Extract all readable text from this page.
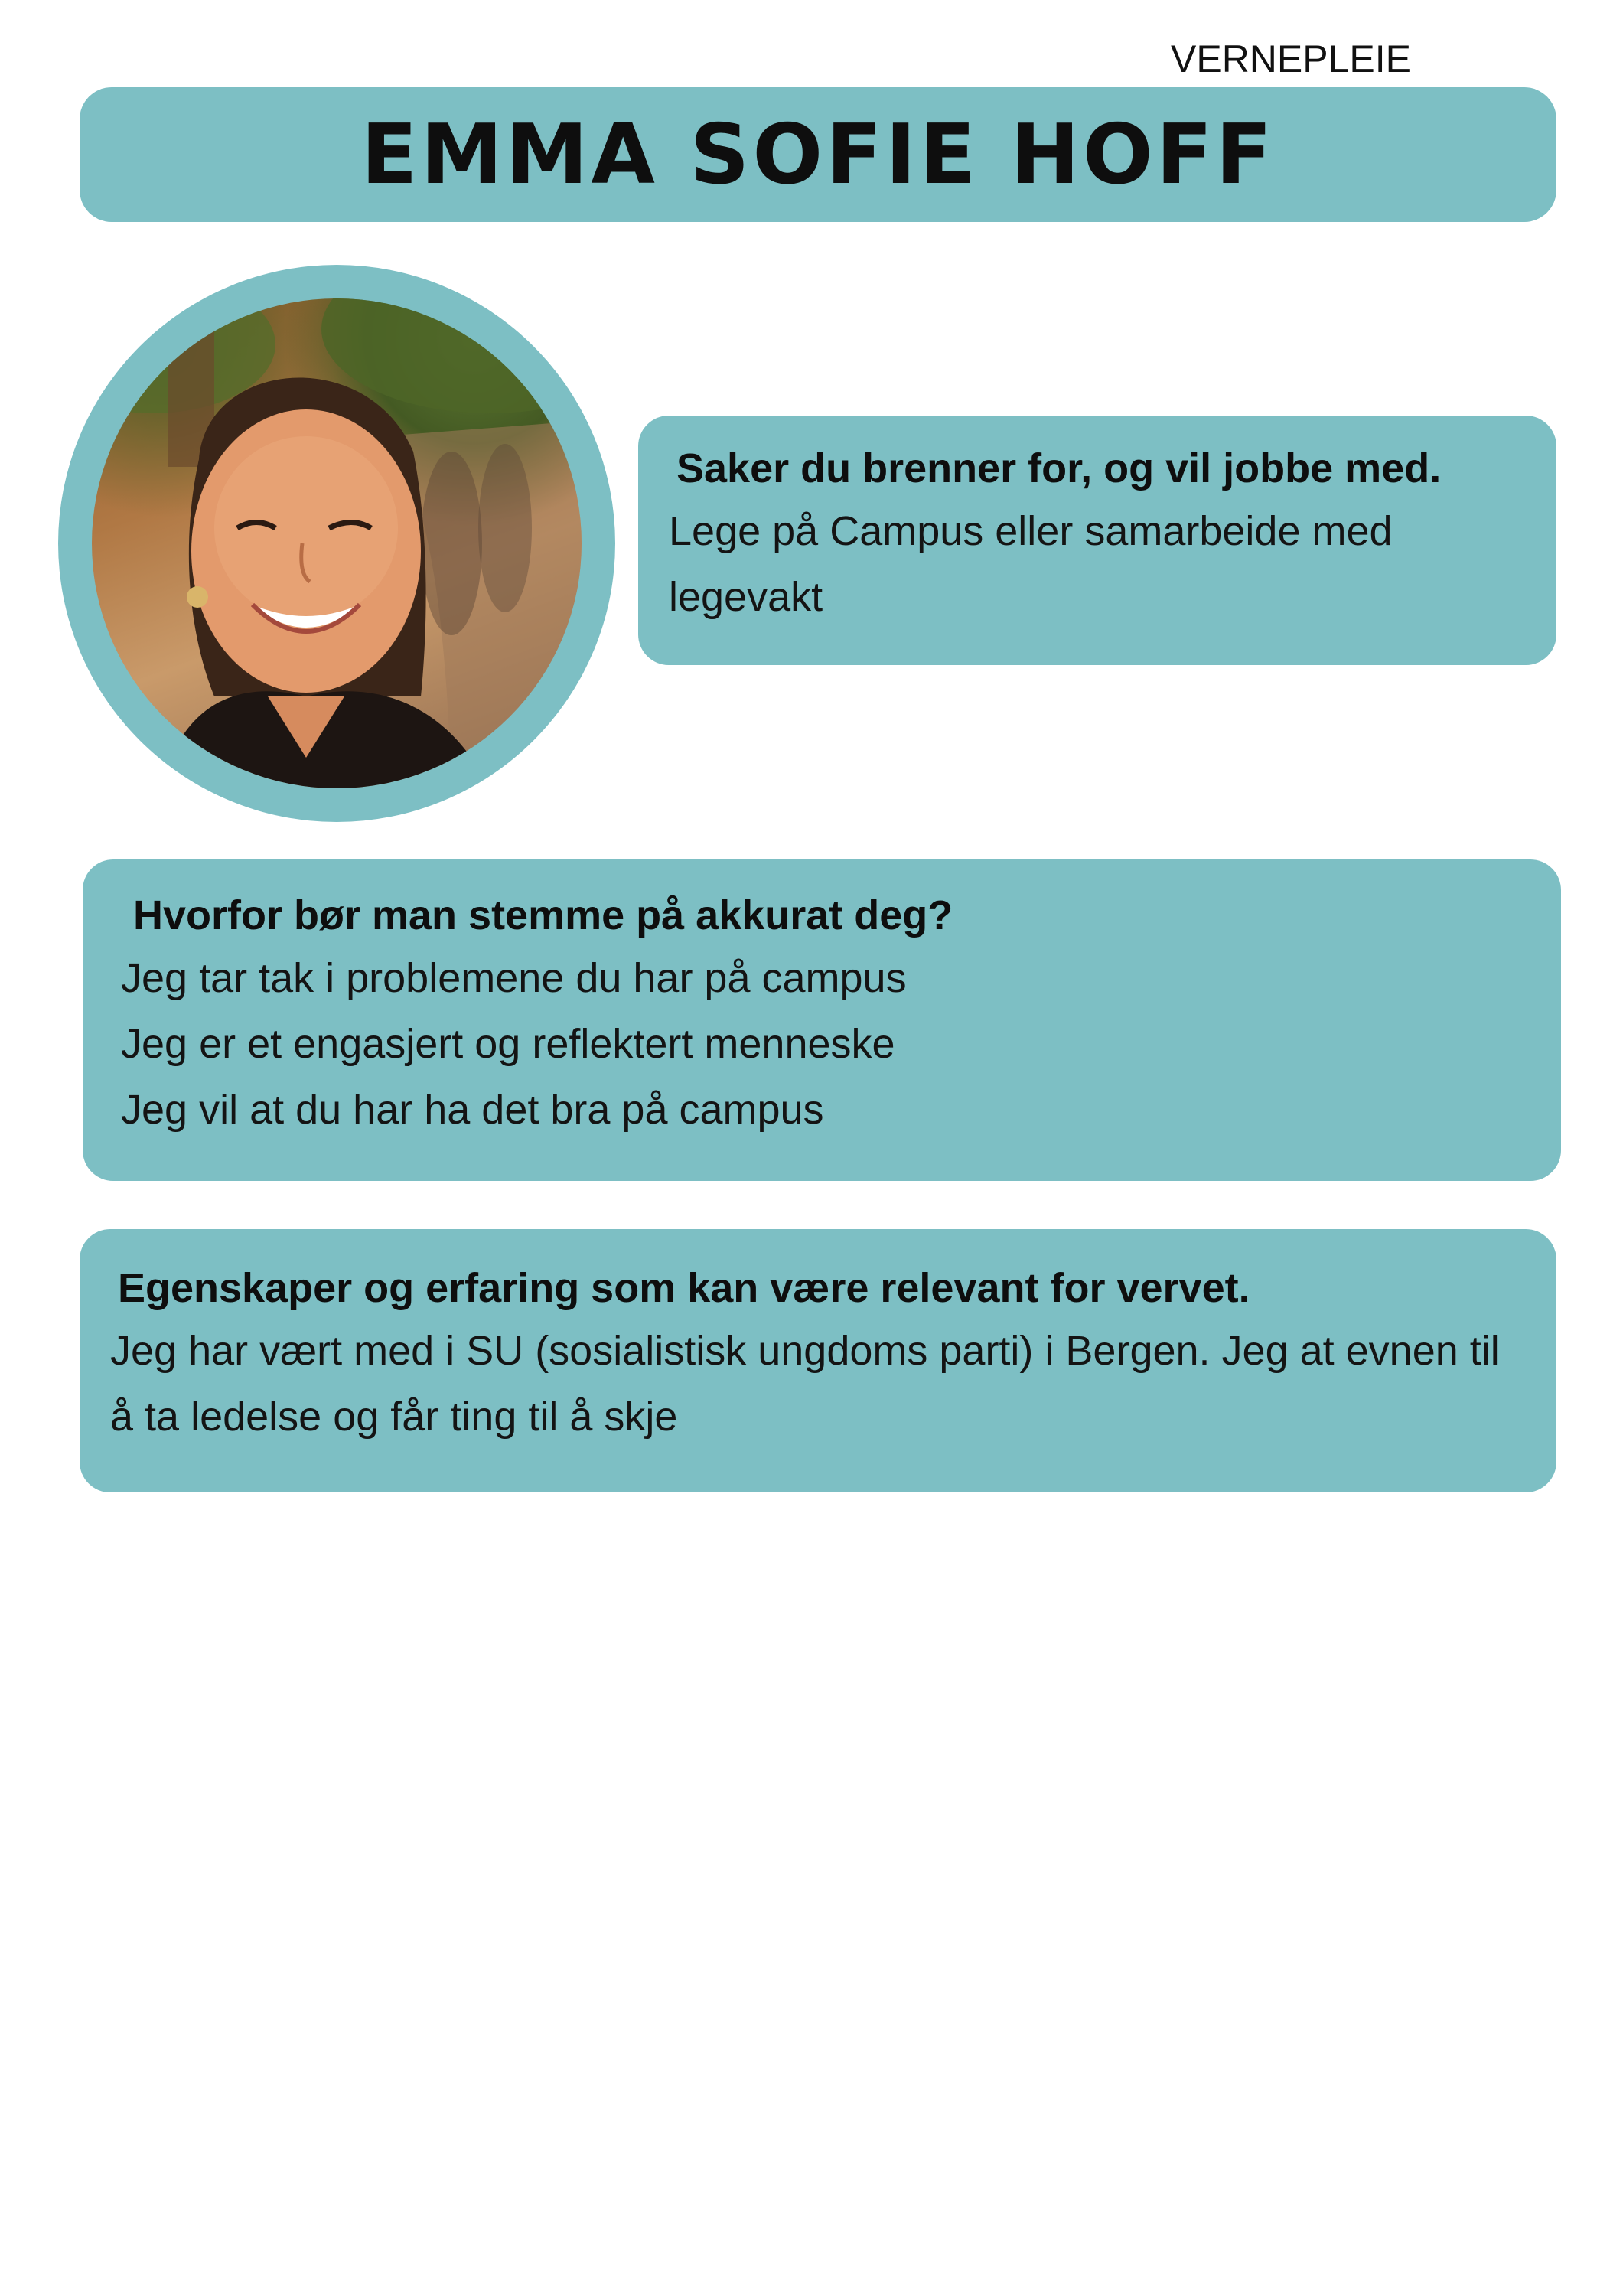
VERNEPLEIE
EMMA SOFIE HOFF
Saker du brenner for, og vil jobbe med.
Lege på Campus eller samarbeide med legevakt
Hvorfor bør man stemme på akkurat deg?
Jeg tar tak i problemene du har på campus
Jeg er et engasjert og reflektert menneske
Jeg vil at du har ha det bra på campus
Egenskaper og erfaring som kan være relevant for vervet.
Jeg har vært med i SU (sosialistisk ungdoms parti) i Bergen. Jeg at evnen til å ta ledelse og får ting til å skje
